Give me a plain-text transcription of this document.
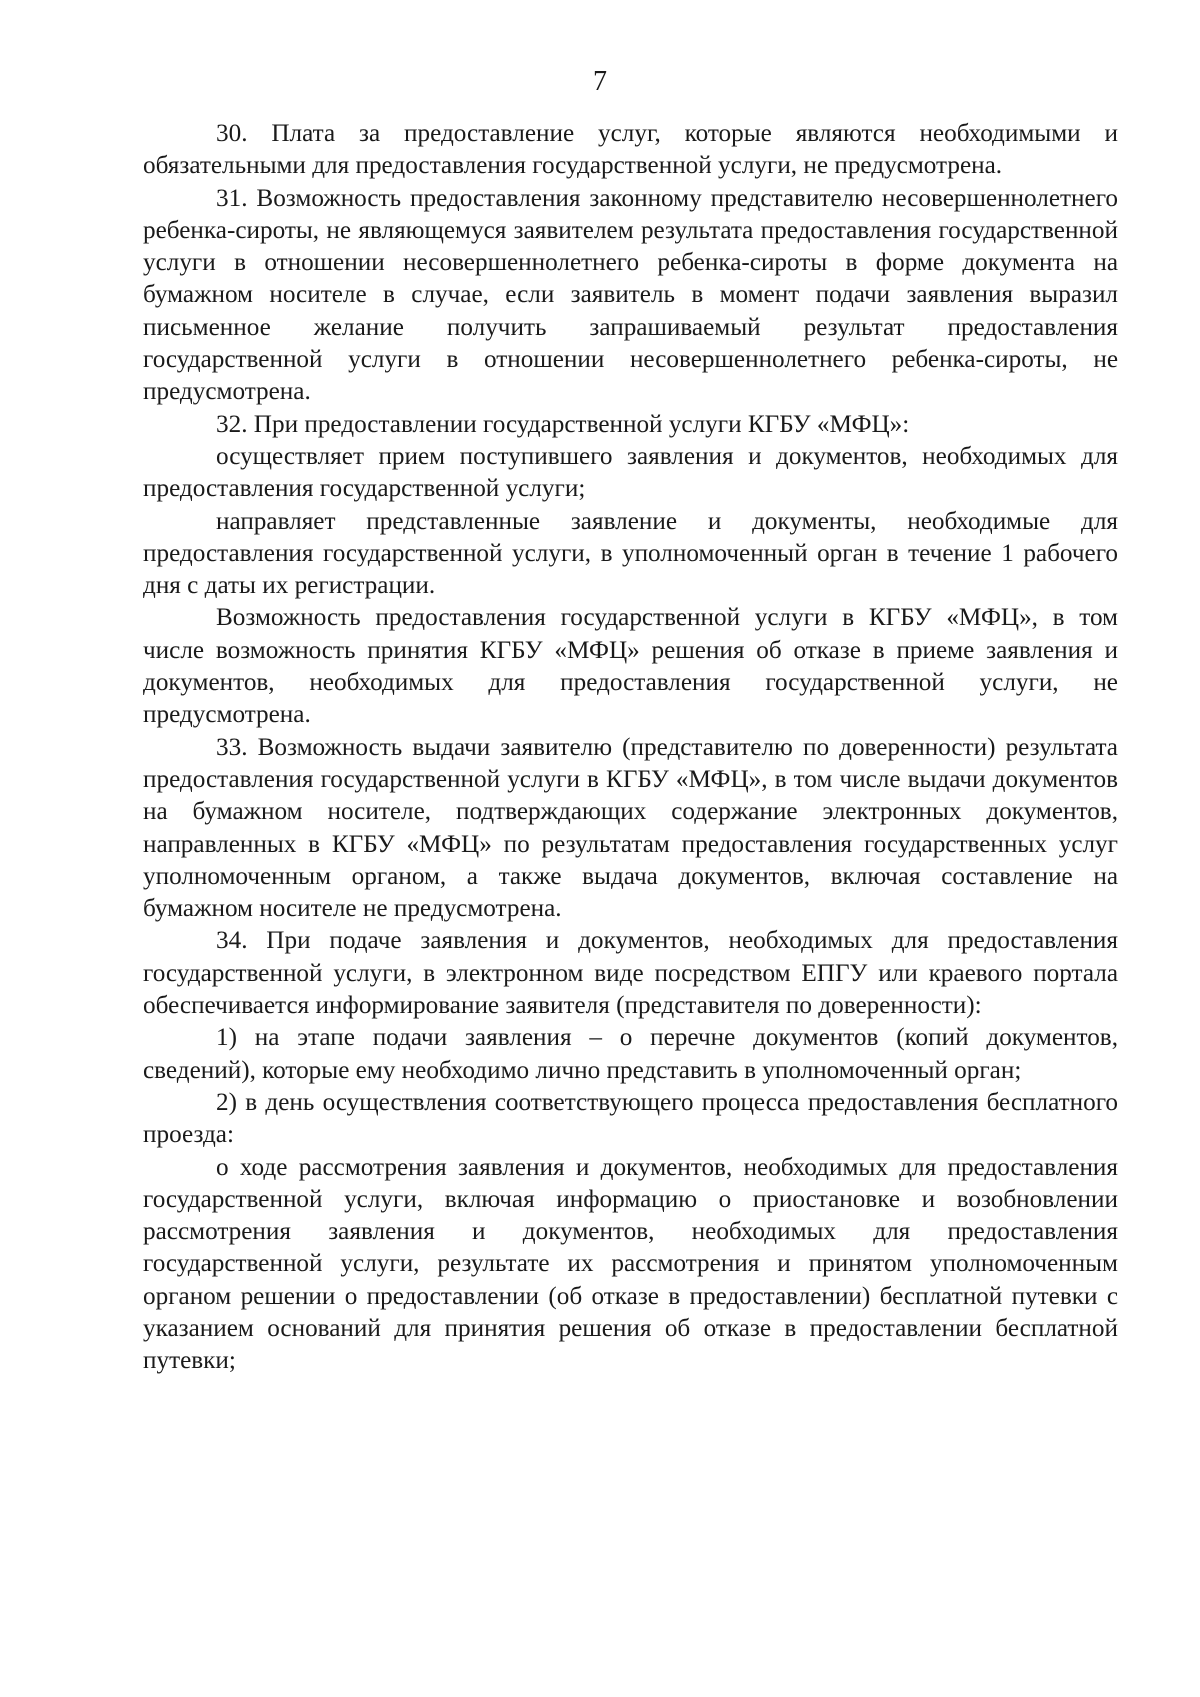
7

30. Плата за предоставление услуг, которые являются необходимыми и обязательными для предоставления государственной услуги, не предусмотрена.

31. Возможность предоставления законному представителю несовершеннолетнего ребенка-сироты, не являющемуся заявителем результата предоставления государственной услуги в отношении несовершеннолетнего ребенка-сироты в форме документа на бумажном носителе в случае, если заявитель в момент подачи заявления выразил письменное желание получить запрашиваемый результат предоставления государственной услуги в отношении несовершеннолетнего ребенка-сироты, не предусмотрена.

32. При предоставлении государственной услуги КГБУ «МФЦ»:

осуществляет прием поступившего заявления и документов, необходимых для предоставления государственной услуги;

направляет представленные заявление и документы, необходимые для предоставления государственной услуги, в уполномоченный орган в течение 1 рабочего дня с даты их регистрации.

Возможность предоставления государственной услуги в КГБУ «МФЦ», в том числе возможность принятия КГБУ «МФЦ» решения об отказе в приеме заявления и документов, необходимых для предоставления государственной услуги, не предусмотрена.

33. Возможность выдачи заявителю (представителю по доверенности) результата предоставления государственной услуги в КГБУ «МФЦ», в том числе выдачи документов на бумажном носителе, подтверждающих содержание электронных документов, направленных в КГБУ «МФЦ» по результатам предоставления государственных услуг уполномоченным органом, а также выдача документов, включая составление на бумажном носителе не предусмотрена.

34. При подаче заявления и документов, необходимых для предоставления государственной услуги, в электронном виде посредством ЕПГУ или краевого портала обеспечивается информирование заявителя (представителя по доверенности):

1) на этапе подачи заявления – о перечне документов (копий документов, сведений), которые ему необходимо лично представить в уполномоченный орган;

2) в день осуществления соответствующего процесса предоставления бесплатного проезда:

о ходе рассмотрения заявления и документов, необходимых для предоставления государственной услуги, включая информацию о приостановке и возобновлении рассмотрения заявления и документов, необходимых для предоставления государственной услуги, результате их рассмотрения и принятом уполномоченным органом решении о предоставлении (об отказе в предоставлении) бесплатной путевки с указанием оснований для принятия решения об отказе в предоставлении бесплатной путевки;
